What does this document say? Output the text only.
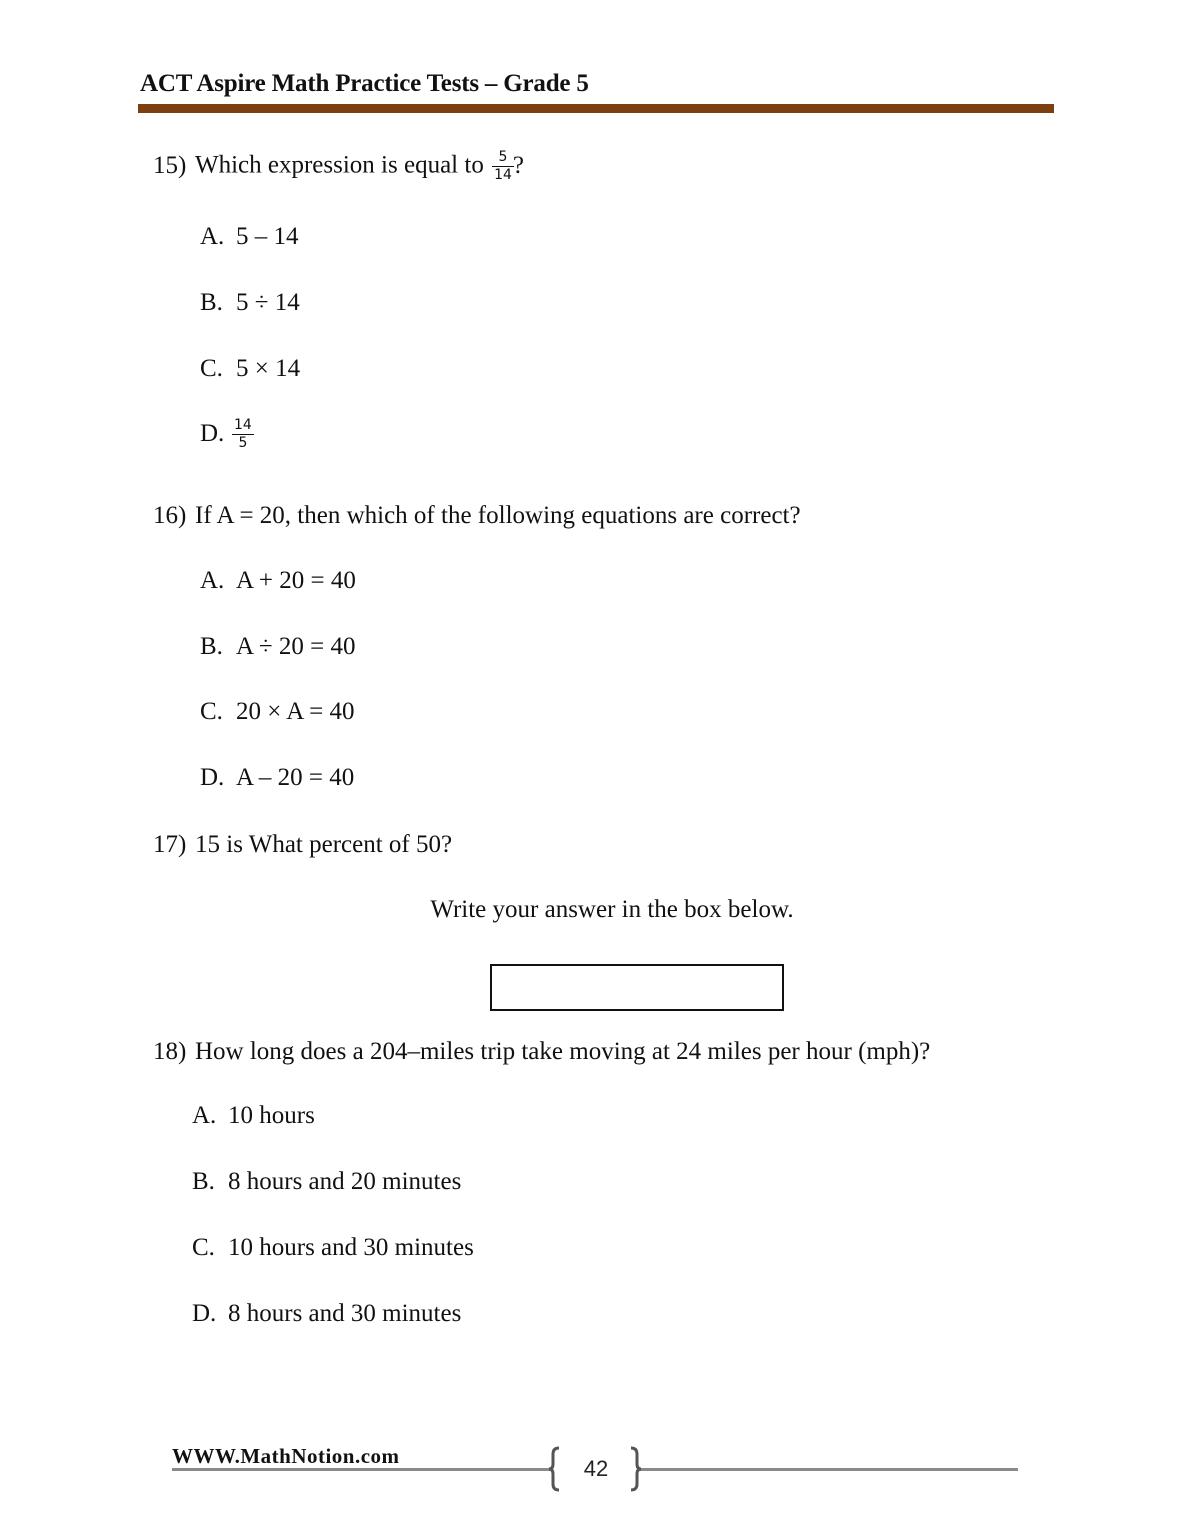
ACT Aspire Math Practice Tests – Grade 5
15) Which expression is equal to $\frac{5}{14}$ ?
A. 5 – 14
B. 5 ÷ 14
C. 5 × 14
D. $\frac{14}{5}$
16) If A = 20, then which of the following equations are correct?
A. A + 20 = 40
B. A ÷ 20 = 40
C. 20 × A = 40
D. A – 20 = 40
17) 15 is What percent of 50?
Write your answer in the box below.
18) How long does a 204–miles trip take moving at 24 miles per hour (mph)?
A. 10 hours
B. 8 hours and 20 minutes
C. 10 hours and 30 minutes
D. 8 hours and 30 minutes
WWW.MathNotion.com	42
